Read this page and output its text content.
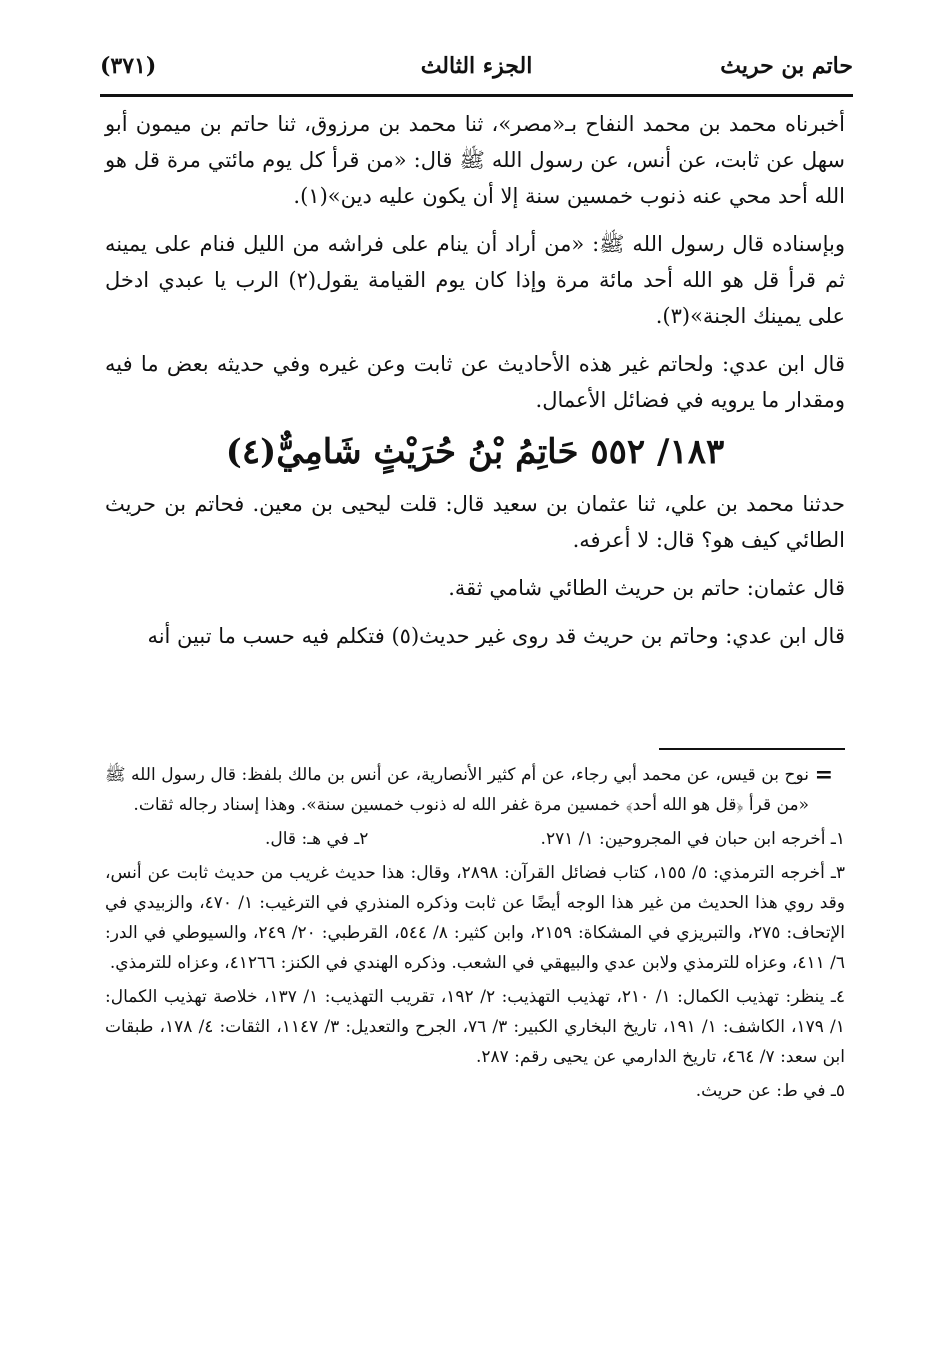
حاتم بن حريث
الجزء الثالث
(٣٧١)

أخبرناه محمد بن محمد النفاح بـ«مصر»، ثنا محمد بن مرزوق، ثنا حاتم بن ميمون أبو سهل عن ثابت، عن أنس، عن رسول الله ﷺ قال: «من قرأ كل يوم مائتي مرة قل هو الله أحد محي عنه ذنوب خمسين سنة إلا أن يكون عليه دين»(١).

وبإسناده قال رسول الله ﷺ: «من أراد أن ينام على فراشه من الليل فنام على يمينه ثم قرأ قل هو الله أحد مائة مرة وإذا كان يوم القيامة يقول(٢) الرب يا عبدي ادخل على يمينك الجنة»(٣).

قال ابن عدي: ولحاتم غير هذه الأحاديث عن ثابت وعن غيره وفي حديثه بعض ما فيه ومقدار ما يرويه في فضائل الأعمال.

١٨٣/ ٥٥٢ حَاتِمُ بْنُ حُرَيْثٍ شَامِيٌّ(٤)

حدثنا محمد بن علي، ثنا عثمان بن سعيد قال: قلت ليحيى بن معين. فحاتم بن حريث الطائي كيف هو؟ قال: لا أعرفه.

قال عثمان: حاتم بن حريث الطائي شامي ثقة.

قال ابن عدي: وحاتم بن حريث قد روى غير حديث(٥) فتكلم فيه حسب ما تبين أنه

=
نوح بن قيس، عن محمد أبي رجاء، عن أم كثير الأنصارية، عن أنس بن مالك بلفظ: قال رسول الله ﷺ «من قرأ ﴿قل هو الله أحد﴾ خمسين مرة غفر الله له ذنوب خمسين سنة». وهذا إسناد رجاله ثقات.

١ـ أخرجه ابن حبان في المجروحين: ١/ ٢٧١.
٢ـ في هـ: قال.

٣ـ أخرجه الترمذي: ٥/ ١٥٥، كتاب فضائل القرآن: ٢٨٩٨، وقال: هذا حديث غريب من حديث ثابت عن أنس، وقد روي هذا الحديث من غير هذا الوجه أيضًا عن ثابت وذكره المنذري في الترغيب: ١/ ٤٧٠، والزبيدي في الإتحاف: ٢٧٥، والتبريزي في المشكاة: ٢١٥٩، وابن كثير: ٨/ ٥٤٤، القرطبي: ٢٠/ ٢٤٩، والسيوطي في الدر: ٦/ ٤١١، وعزاه للترمذي ولابن عدي والبيهقي في الشعب. وذكره الهندي في الكنز: ٤١٢٦٦، وعزاه للترمذي.

٤ـ ينظر: تهذيب الكمال: ١/ ٢١٠، تهذيب التهذيب: ٢/ ١٩٢، تقريب التهذيب: ١/ ١٣٧، خلاصة تهذيب الكمال: ١/ ١٧٩، الكاشف: ١/ ١٩١، تاريخ البخاري الكبير: ٣/ ٧٦، الجرح والتعديل: ٣/ ١١٤٧، الثقات: ٤/ ١٧٨، طبقات ابن سعد: ٧/ ٤٦٤، تاريخ الدارمي عن يحيى رقم: ٢٨٧.

٥ـ في ط: عن حريث.
